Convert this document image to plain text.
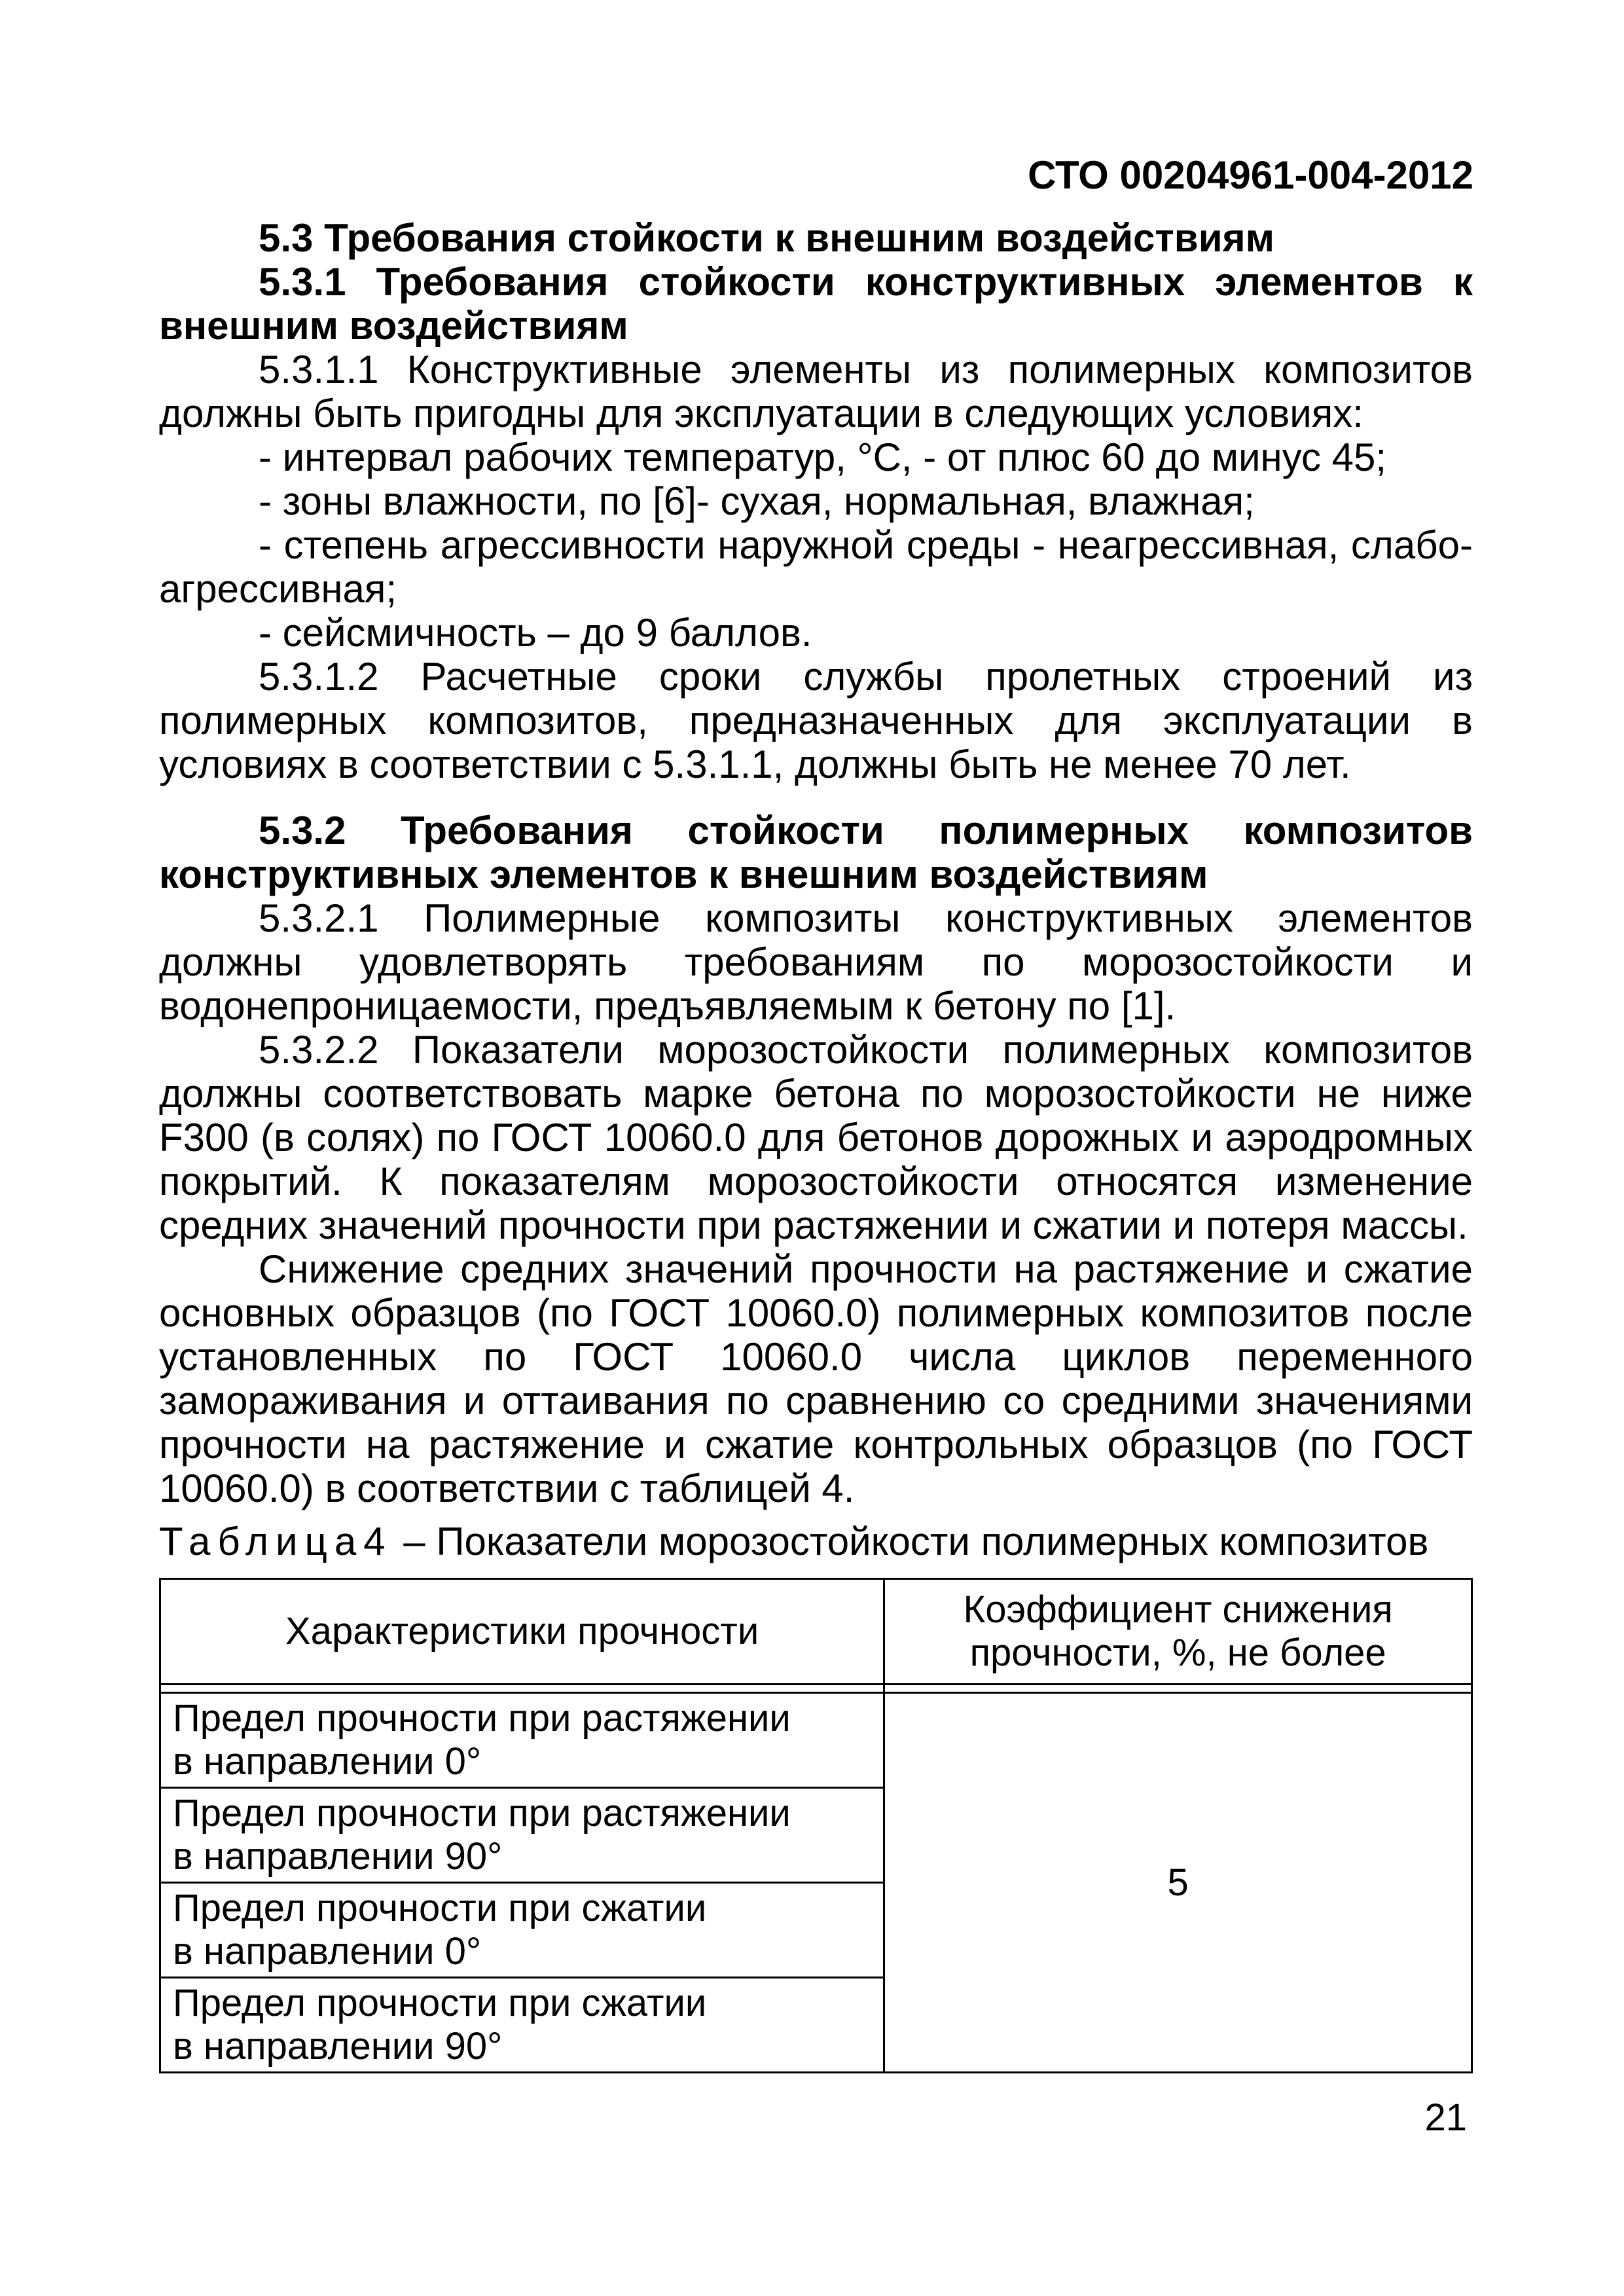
СТО 00204961-004-2012

5.3 Требования стойкости к внешним воздействиям

5.3.1 Требования стойкости конструктивных элементов к внешним воздействиям

5.3.1.1 Конструктивные элементы из полимерных композитов должны быть пригодны для эксплуатации в следующих условиях:

- интервал рабочих температур, °С, - от плюс 60 до минус 45;

- зоны влажности, по [6]- сухая, нормальная, влажная;

- степень агрессивности наружной среды - неагрессивная, слабо-агрессивная;

- сейсмичность – до 9 баллов.

5.3.1.2 Расчетные сроки службы пролетных строений из полимерных композитов, предназначенных для эксплуатации в условиях в соответствии с 5.3.1.1, должны быть не менее 70 лет.

5.3.2 Требования стойкости полимерных композитов конструктивных элементов к внешним воздействиям

5.3.2.1 Полимерные композиты конструктивных элементов должны удовлетворять требованиям по морозостойкости и водонепроницаемости, предъявляемым к бетону по [1].

5.3.2.2 Показатели морозостойкости полимерных композитов должны соответствовать марке бетона по морозостойкости не ниже F300 (в солях) по ГОСТ 10060.0 для бетонов дорожных и аэродромных покрытий. К показателям морозостойкости относятся изменение средних значений прочности при растяжении и сжатии и потеря массы.

Снижение средних значений прочности на растяжение и сжатие основных образцов (по ГОСТ 10060.0) полимерных композитов после установленных по ГОСТ 10060.0 числа циклов переменного замораживания и оттаивания по сравнению со средними значениями прочности на растяжение и сжатие контрольных образцов (по ГОСТ 10060.0) в соответствии с таблицей 4.

Таблица4 – Показатели морозостойкости полимерных композитов
Характеристики прочности	Коэффициент снижения
прочности, %, не более

Предел прочности при растяжении
в направлении 0°	5

Предел прочности при растяжении
в направлении 90°	

Предел прочности при сжатии
в направлении 0°	

Предел прочности при сжатии
в направлении 90°	
21
